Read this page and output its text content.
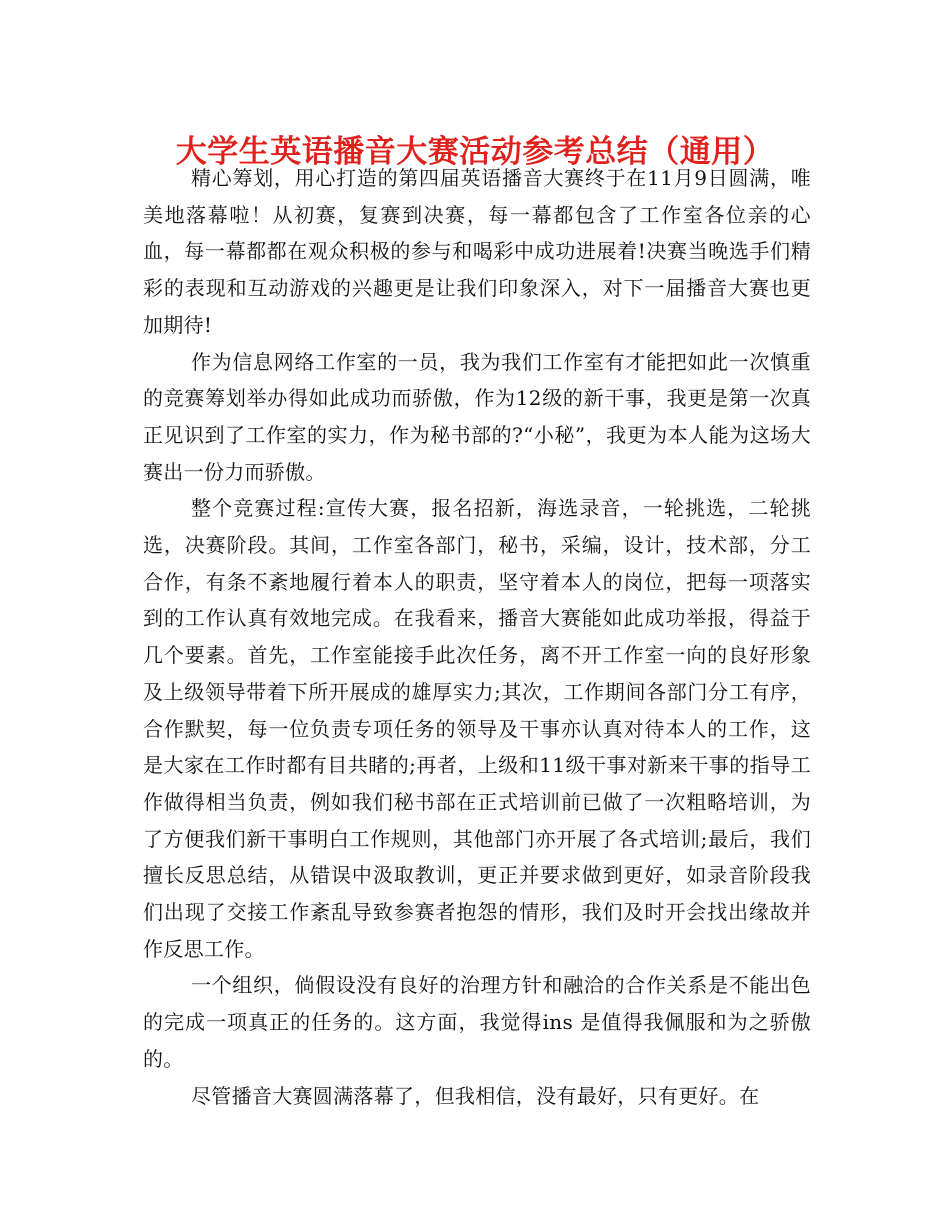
大学生英语播音大赛活动参考总结（通用）

精心筹划，用心打造的第四届英语播音大赛终于在11月9日圆满，唯美地落幕啦！从初赛，复赛到决赛，每一幕都包含了工作室各位亲的心血，每一幕都都在观众积极的参与和喝彩中成功进展着!决赛当晚选手们精彩的表现和互动游戏的兴趣更是让我们印象深入，对下一届播音大赛也更加期待!

作为信息网络工作室的一员，我为我们工作室有才能把如此一次慎重的竞赛筹划举办得如此成功而骄傲，作为12级的新干事，我更是第一次真正见识到了工作室的实力，作为秘书部的?“小秘”，我更为本人能为这场大赛出一份力而骄傲。

整个竞赛过程:宣传大赛，报名招新，海选录音，一轮挑选，二轮挑选，决赛阶段。其间，工作室各部门，秘书，采编，设计，技术部，分工合作，有条不紊地履行着本人的职责，坚守着本人的岗位，把每一项落实到的工作认真有效地完成。在我看来，播音大赛能如此成功举报，得益于几个要素。首先，工作室能接手此次任务，离不开工作室一向的良好形象及上级领导带着下所开展成的雄厚实力;其次，工作期间各部门分工有序，合作默契，每一位负责专项任务的领导及干事亦认真对待本人的工作，这是大家在工作时都有目共睹的;再者，上级和11级干事对新来干事的指导工作做得相当负责，例如我们秘书部在正式培训前已做了一次粗略培训，为了方便我们新干事明白工作规则，其他部门亦开展了各式培训;最后，我们擅长反思总结，从错误中汲取教训，更正并要求做到更好，如录音阶段我们出现了交接工作紊乱导致参赛者抱怨的情形，我们及时开会找出缘故并作反思工作。

一个组织，倘假设没有良好的治理方针和融洽的合作关系是不能出色的完成一项真正的任务的。这方面，我觉得ins 是值得我佩服和为之骄傲的。

尽管播音大赛圆满落幕了，但我相信，没有最好，只有更好。在
